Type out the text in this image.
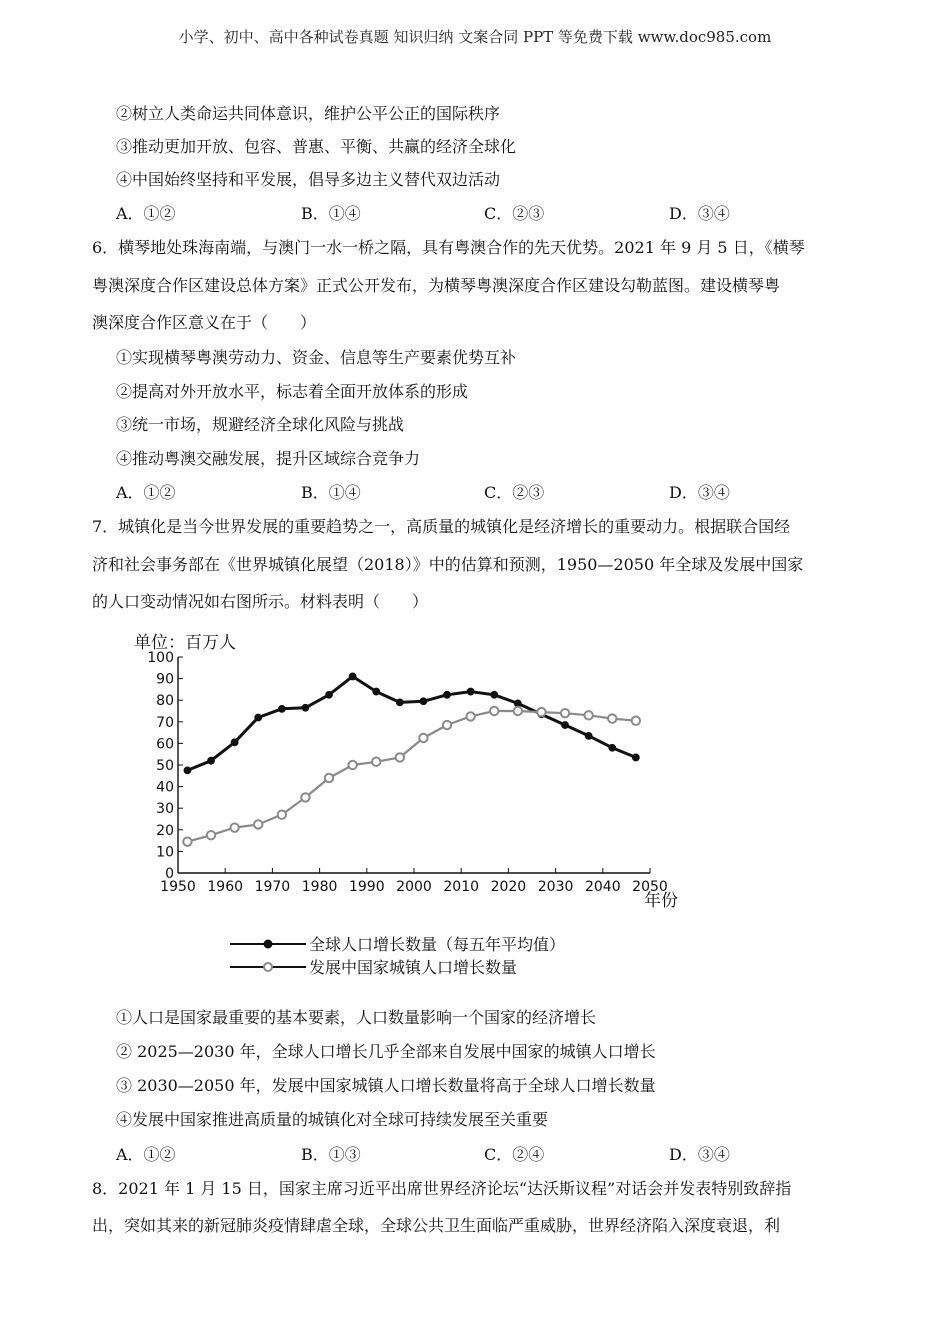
小学、初中、高中各种试卷真题 知识归纳 文案合同 PPT 等免费下载 www.doc985.com
②树立人类命运共同体意识，维护公平公正的国际秩序
③推动更加开放、包容、普惠、平衡、共赢的经济全球化
④中国始终坚持和平发展，倡导多边主义替代双边活动
A．①②	B．①④	C．②③	D．③④
6．横琴地处珠海南端，与澳门一水一桥之隔，具有粤澳合作的先天优势。2021 年 9 月 5 日，《横琴
粤澳深度合作区建设总体方案》正式公开发布，为横琴粤澳深度合作区建设勾勒蓝图。建设横琴粤
澳深度合作区意义在于（　　）
①实现横琴粤澳劳动力、资金、信息等生产要素优势互补
②提高对外开放水平，标志着全面开放体系的形成
③统一市场，规避经济全球化风险与挑战
④推动粤澳交融发展，提升区域综合竞争力
A．①②	B．①④	C．②③	D．③④
7．城镇化是当今世界发展的重要趋势之一，高质量的城镇化是经济增长的重要动力。根据联合国经
济和社会事务部在《世界城镇化展望（2018）》中的估算和预测，1950—2050 年全球及发展中国家
的人口变动情况如右图所示。材料表明（　　）
单位：百万人
年份
0
10
20
30
40
50
60
70
80
90
100
1950 1960 1970 1980 1990 2000 2010 2020 2030 2040 2050
全球人口增长数量（每五年平均值）
发展中国家城镇人口增长数量
①人口是国家最重要的基本要素，人口数量影响一个国家的经济增长
② 2025—2030 年，全球人口增长几乎全部来自发展中国家的城镇人口增长
③ 2030—2050 年，发展中国家城镇人口增长数量将高于全球人口增长数量
④发展中国家推进高质量的城镇化对全球可持续发展至关重要
A．①②	B．①③	C．②④	D．③④
8．2021 年 1 月 15 日，国家主席习近平出席世界经济论坛“达沃斯议程”对话会并发表特别致辞指
出，突如其来的新冠肺炎疫情肆虐全球，全球公共卫生面临严重威胁，世界经济陷入深度衰退，利
